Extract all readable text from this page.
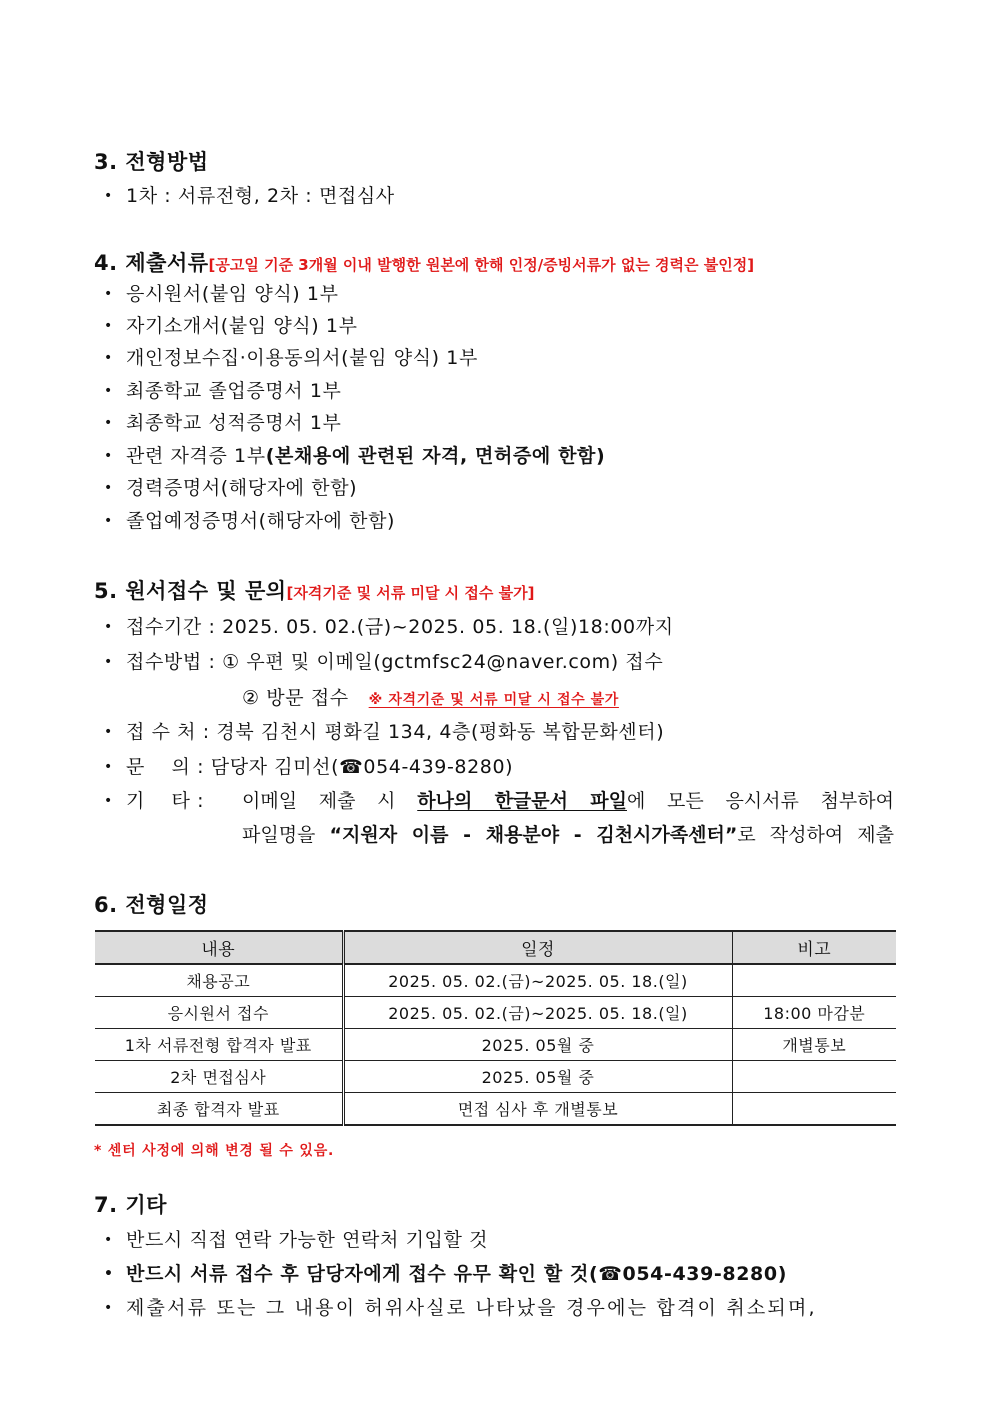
3. 전형방법
• 1차 : 서류전형, 2차 : 면접심사
4. 제출서류[공고일 기준 3개월 이내 발행한 원본에 한해 인정/증빙서류가 없는 경력은 불인정]
• 응시원서(붙임 양식) 1부
• 자기소개서(붙임 양식) 1부
• 개인정보수집·이용동의서(붙임 양식) 1부
• 최종학교 졸업증명서 1부
• 최종학교 성적증명서 1부
• 관련 자격증 1부(본채용에 관련된 자격, 면허증에 한함)
• 경력증명서(해당자에 한함)
• 졸업예정증명서(해당자에 한함)
5. 원서접수 및 문의[자격기준 및 서류 미달 시 접수 불가]
• 접수기간 : 2025. 05. 02.(금)~2025. 05. 18.(일)18:00까지
• 접수방법 : ① 우편 및 이메일(gctmfsc24@naver.com) 접수
② 방문 접수 ※ 자격기준 및 서류 미달 시 접수 불가
• 접 수 처 : 경북 김천시 평화길 134, 4층(평화동 복합문화센터)
• 문    의 : 담당자 김미선(☎054-439-8280)
• 기    타 : 이메일 제출 시 하나의 한글문서 파일에 모든 응시서류 첨부하여
파일명을 “지원자 이름 - 채용분야 - 김천시가족센터”로 작성하여 제출
6. 전형일정
내용	일정	비고
채용공고	2025. 05. 02.(금)~2025. 05. 18.(일)	
응시원서 접수	2025. 05. 02.(금)~2025. 05. 18.(일)	18:00 마감분
1차 서류전형 합격자 발표	2025. 05월 중	개별통보
2차 면접심사	2025. 05월 중	
최종 합격자 발표	면접 심사 후 개별통보	
* 센터 사정에 의해 변경 될 수 있음.
7. 기타
• 반드시 직접 연락 가능한 연락처 기입할 것
• 반드시 서류 접수 후 담당자에게 접수 유무 확인 할 것(☎054-439-8280)
• 제출서류 또는 그 내용이 허위사실로 나타났을 경우에는 합격이 취소되며,
